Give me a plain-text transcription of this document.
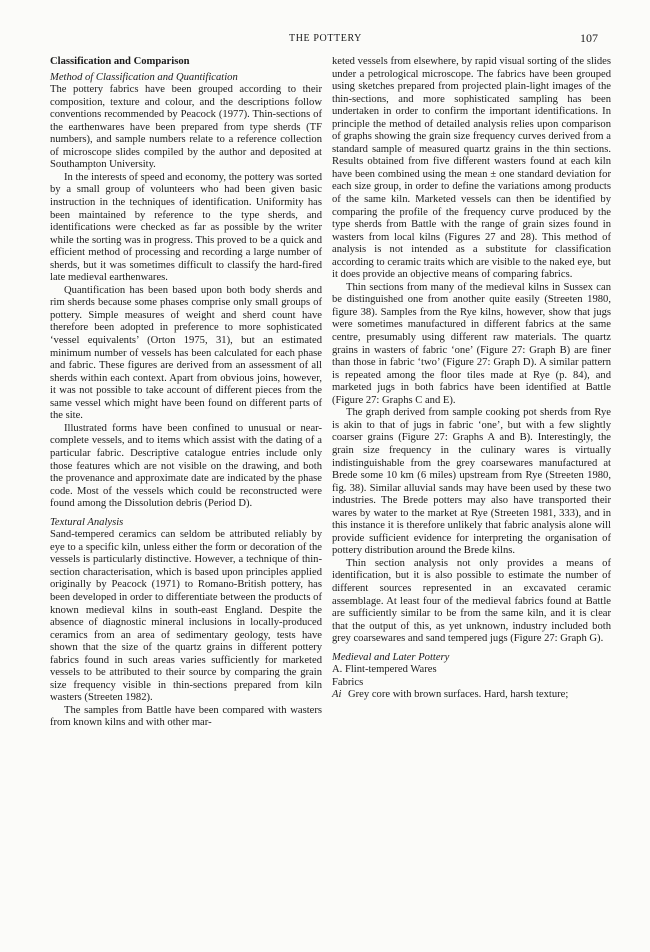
THE POTTERY	107

Classification and Comparison

Method of Classification and Quantification

The pottery fabrics have been grouped according to their composition, texture and colour, and the descriptions follow conventions recommended by Peacock (1977). Thin-sections of the earthenwares have been prepared from type sherds (TF numbers), and sample numbers relate to a reference collection of microscope slides compiled by the author and deposited at Southampton University.

In the interests of speed and economy, the pottery was sorted by a small group of volunteers who had been given basic instruction in the techniques of identification. Uniformity has been maintained by reference to the type sherds, and identifications were checked as far as possible by the writer while the sorting was in progress. This proved to be a quick and efficient method of processing and recording a large number of sherds, but it was sometimes difficult to classify the hard-fired late medieval earthenwares.

Quantification has been based upon both body sherds and rim sherds because some phases comprise only small groups of pottery. Simple measures of weight and sherd count have therefore been adopted in preference to more sophisticated ‘vessel equivalents’ (Orton 1975, 31), but an estimated minimum number of vessels has been calculated for each phase and fabric. These figures are derived from an assessment of all sherds within each context. Apart from obvious joins, however, it was not possible to take account of different pieces from the same vessel which might have been found on different parts of the site.

Illustrated forms have been confined to unusual or near-complete vessels, and to items which assist with the dating of a particular fabric. Descriptive catalogue entries include only those features which are not visible on the drawing, and both the provenance and approximate date are indicated by the phase code. Most of the vessels which could be reconstructed were found among the Dissolution debris (Period D).

Textural Analysis

Sand-tempered ceramics can seldom be attributed reliably by eye to a specific kiln, unless either the form or decoration of the vessels is particularly distinctive. However, a technique of thin-section characterisation, which is based upon principles applied originally by Peacock (1971) to Romano-British pottery, has been developed in order to differentiate between the products of known medieval kilns in south-east England. Despite the absence of diagnostic mineral inclusions in locally-produced ceramics from an area of sedimentary geology, tests have shown that the size of the quartz grains in different pottery fabrics found in such areas varies sufficiently for marketed vessels to be attributed to their source by comparing the grain size frequency visible in thin-sections prepared from kiln wasters (Streeten 1982).

The samples from Battle have been compared with wasters from known kilns and with other mar-

keted vessels from elsewhere, by rapid visual sorting of the slides under a petrological microscope. The fabrics have been grouped using sketches prepared from projected plain-light images of the thin-sections, and more sophisticated sampling has been undertaken in order to confirm the important identifications. In principle the method of detailed analysis relies upon comparison of graphs showing the grain size frequency curves derived from a standard sample of measured quartz grains in the thin sections. Results obtained from five different wasters found at each kiln have been combined using the mean ± one standard deviation for each size group, in order to define the variations among products of the same kiln. Marketed vessels can then be identified by comparing the profile of the frequency curve produced by the type sherds from Battle with the range of grain sizes found in wasters from local kilns (Figures 27 and 28). This method of analysis is not intended as a substitute for classification according to ceramic traits which are visible to the naked eye, but it does provide an objective means of comparing fabrics.

Thin sections from many of the medieval kilns in Sussex can be distinguished one from another quite easily (Streeten 1980, figure 38). Samples from the Rye kilns, however, show that jugs were sometimes manufactured in different fabrics at the same centre, presumably using different raw materials. The quartz grains in wasters of fabric ‘one’ (Figure 27: Graph B) are finer than those in fabric ‘two’ (Figure 27: Graph D). A similar pattern is repeated among the floor tiles made at Rye (p. 84), and marketed jugs in both fabrics have been identified at Battle (Figure 27: Graphs C and E).

The graph derived from sample cooking pot sherds from Rye is akin to that of jugs in fabric ‘one’, but with a few slightly coarser grains (Figure 27: Graphs A and B). Interestingly, the grain size frequency in the culinary wares is virtually indistinguishable from the grey coarsewares manufactured at Brede some 10 km (6 miles) upstream from Rye (Streeten 1980, fig. 38). Similar alluvial sands may have been used by these two industries. The Brede potters may also have transported their wares by water to the market at Rye (Streeten 1981, 333), and in this instance it is therefore unlikely that fabric analysis alone will provide sufficient evidence for interpreting the organisation of pottery distribution around the Brede kilns.

Thin section analysis not only provides a means of identification, but it is also possible to estimate the number of different sources represented in an excavated ceramic assemblage. At least four of the medieval fabrics found at Battle are sufficiently similar to be from the same kiln, and it is clear that the output of this, as yet unknown, industry included both grey coarsewares and sand tempered jugs (Figure 27: Graph G).

Medieval and Later Pottery

A. Flint-tempered Wares

Fabrics

Ai Grey core with brown surfaces. Hard, harsh texture;
